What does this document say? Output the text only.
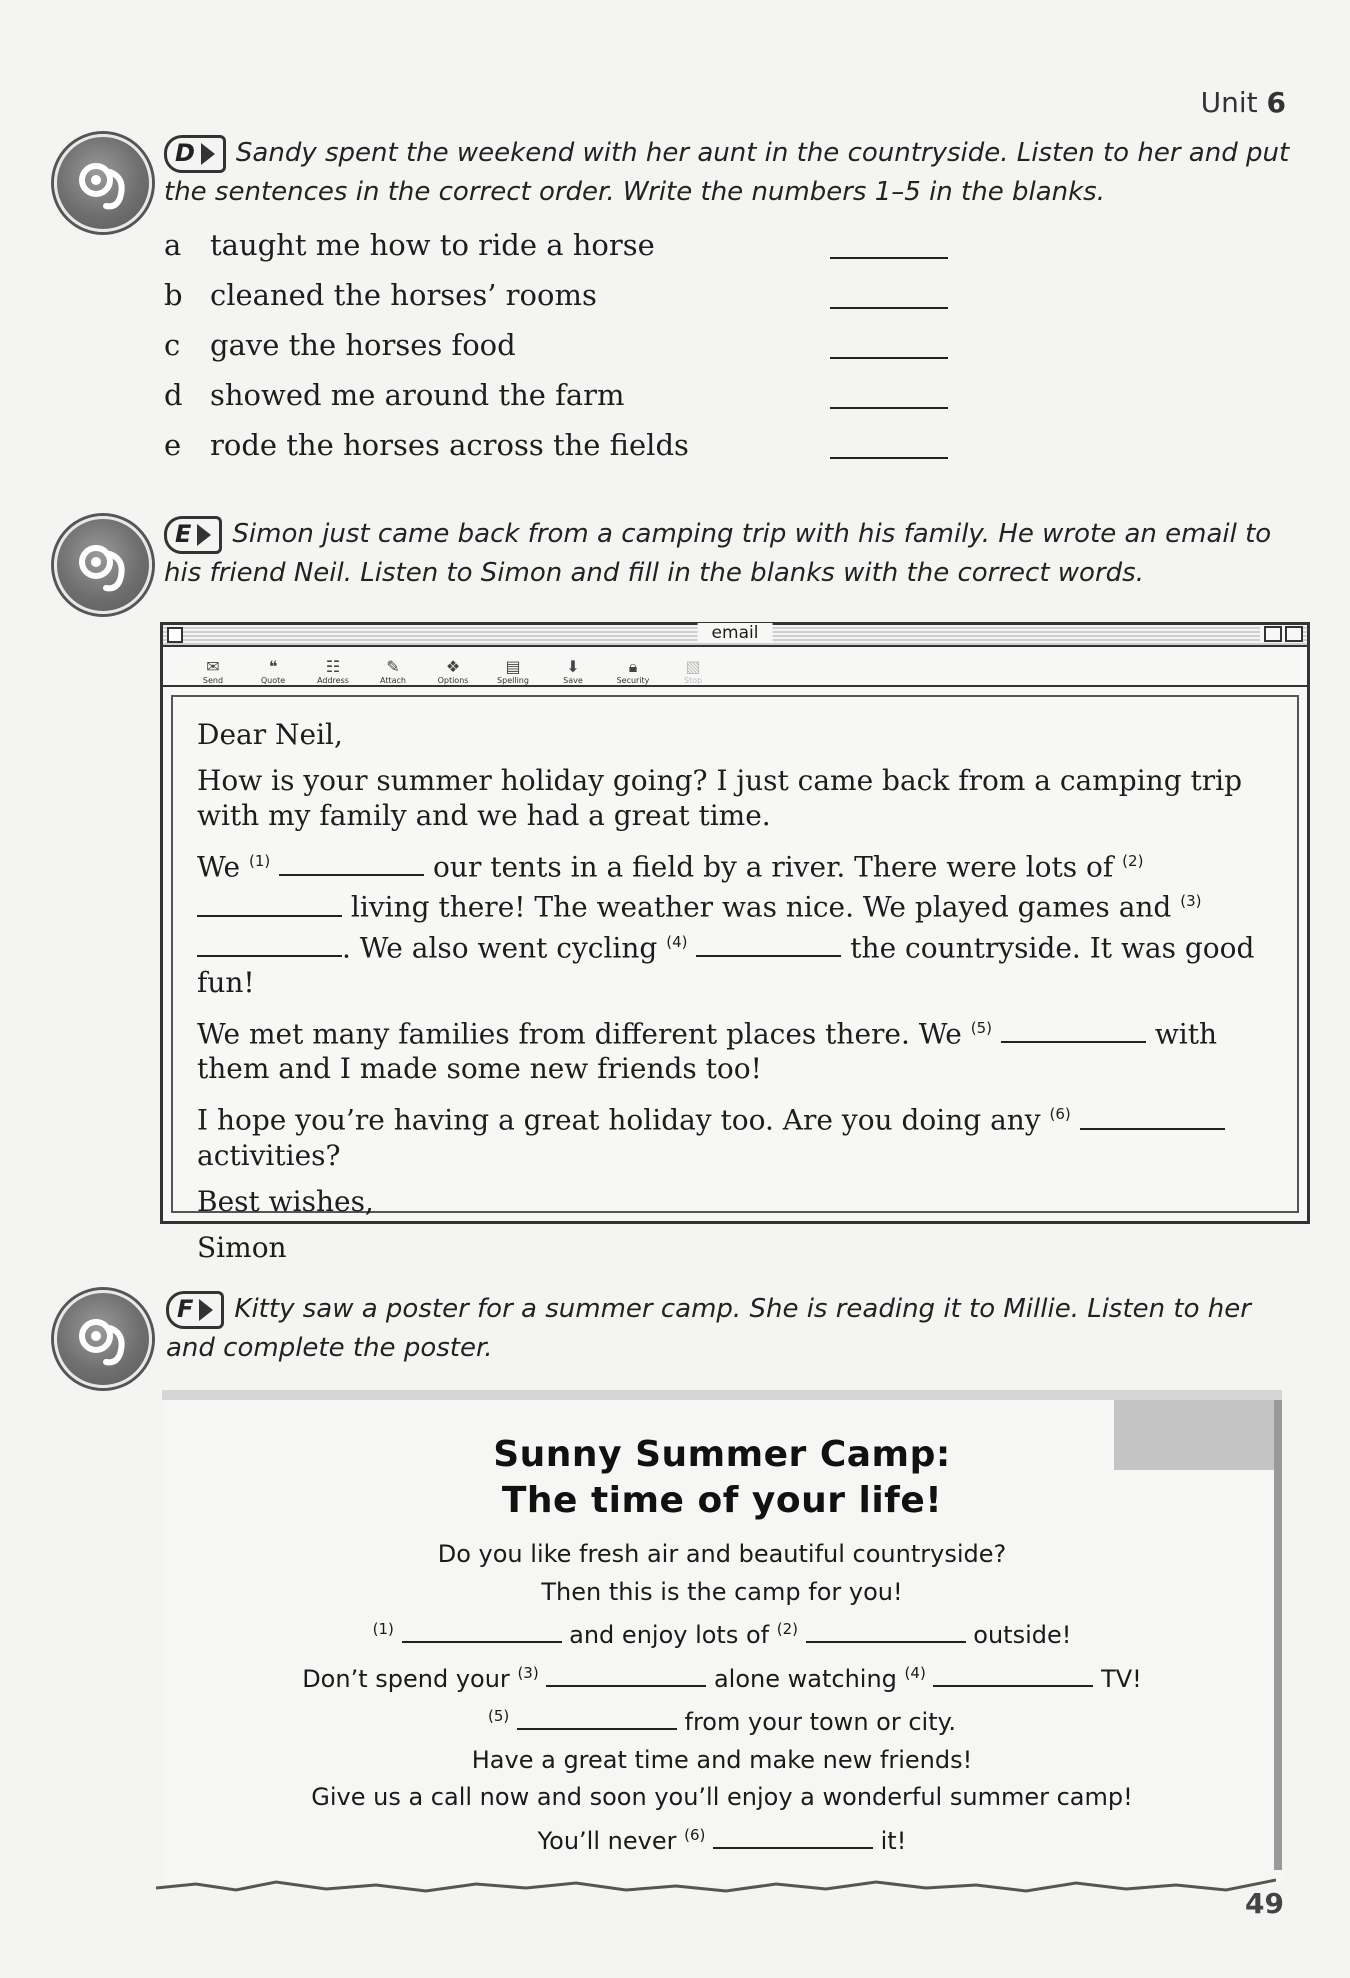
Unit 6
D Sandy spent the weekend with her aunt in the countryside. Listen to her and put the sentences in the correct order. Write the numbers 1–5 in the blanks.
a taught me how to ride a horse
b cleaned the horses’ rooms
c	gave the horses food
d showed me around the farm
e rode the horses across the fields
E Simon just came back from a camping trip with his family. He wrote an email to his friend Neil. Listen to Simon and fill in the blanks with the correct words.
email
✉
Send
❝
Quote
☷
Address
✎
Attach
❖
Options
▤
Spelling
⬇
Save
🔒︎
Security
▧
Stop

Dear Neil,

How is your summer holiday going? I just came back from a camping trip with my family and we had a great time.

We $^{(1)}$	our tents in a field by a river. There were lots of $^{(2)}$  living there! The weather was nice. We played games and $^{(3)}$ . We also went cycling $^{(4)}$	the countryside. It was good fun!

We met many families from different places there. We $^{(5)}$	with them and I made some new friends too!

I hope you’re having a great holiday too. Are you doing any $^{(6)}$  activities?

Best wishes,

Simon

F Kitty saw a poster for a summer camp. She is reading it to Millie. Listen to her and complete the poster.
Sunny Summer Camp:
The time of your life!
Do you like fresh air and beautiful countryside?
Then this is the camp for you!
$^{(1)}$	and enjoy lots of $^{(2)}$	outside!
Don’t spend your $^{(3)}$	alone watching $^{(4)}$	TV!
$^{(5)}$	from your town or city.
Have a great time and make new friends!
Give us a call now and soon you’ll enjoy a wonderful summer camp!
You’ll never $^{(6)}$	it!
49
